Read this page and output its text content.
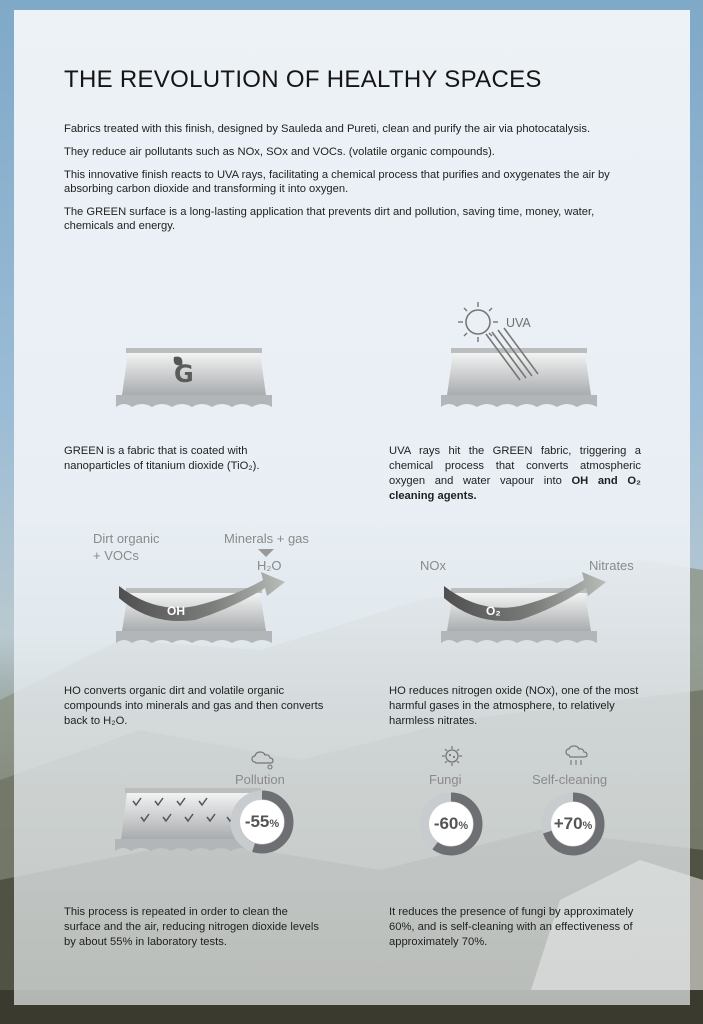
THE REVOLUTION OF HEALTHY SPACES

Fabrics treated with this finish, designed by Sauleda and Pureti, clean and purify the air via photocatalysis.

They reduce air pollutants such as NOx, SOx and VOCs. (volatile organic compounds).

This innovative finish reacts to UVA rays, facilitating a chemical process that purifies and oxygenates the air by absorbing carbon dioxide and transforming it into oxygen.

The GREEN surface is a long-lasting application that prevents dirt and pollution, saving time, money, water, chemicals and energy.

G

GREEN is a fabric that is coated with nanoparticles of titanium dioxide (TiO₂).

UVA

UVA rays hit the GREEN fabric, triggering a chemical process that converts atmospheric oxygen and water vapour into OH and O₂ cleaning agents.

Dirt organic
+ VOCs
Minerals + gas
H₂O
OH

HO converts organic dirt and volatile organic compounds into minerals and gas and then converts back to H₂O.

NOx	Nitrates
O₂

HO reduces nitrogen oxide (NOx), one of the most harmful gases in the atmosphere, to relatively harmless nitrates.

Pollution
-55%
Fungi
-60%
Self-cleaning
+70%

This process is repeated in order to clean the surface and the air, reducing nitrogen dioxide levels by about 55% in laboratory tests.

It reduces the presence of fungi by approximately 60%, and is self-cleaning with an effectiveness of approximately 70%.
